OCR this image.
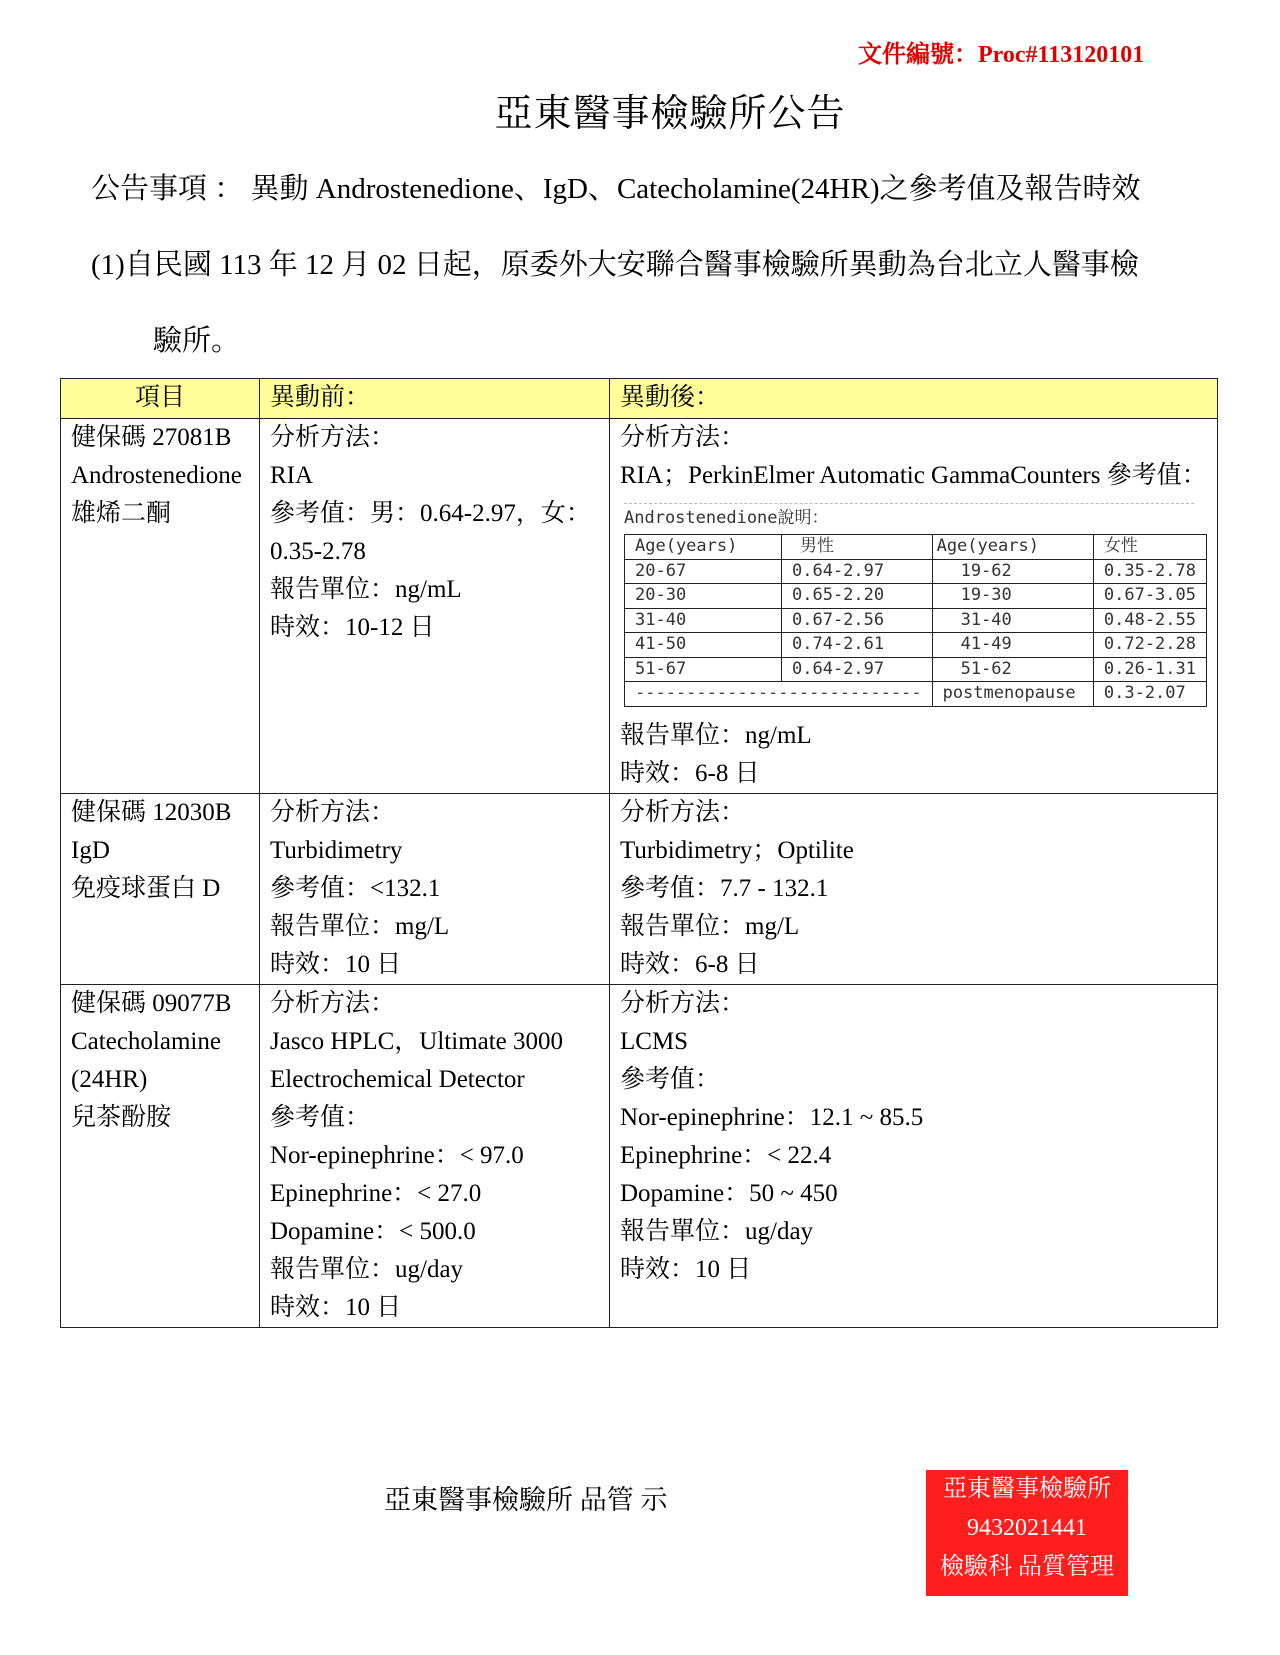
文件編號：Proc#113120101
亞東醫事檢驗所公告
公告事項 ： 異動 Androstenedione、IgD、Catecholamine(24HR)之參考值及報告時效
(1)自民國 113 年 12 月 02 日起，原委外大安聯合醫事檢驗所異動為台北立人醫事檢
驗所。
項目	異動前：	異動後：

健保碼 27081B
Androstenedione
雄烯二酮

分析方法：
RIA
參考值：男：0.64-2.97，女：
0.35-2.78
報告單位：ng/mL
時效：10-12 日

分析方法：
RIA；PerkinElmer Automatic GammaCounters 參考值：
Androstenedione說明：
Age(years)	男性	Age(years)	女性
20-67	0.64-2.97	19-62	0.35-2.78
20-30	0.65-2.20	19-30	0.67-3.05
31-40	0.67-2.56	31-40	0.48-2.55
41-50	0.74-2.61	41-49	0.72-2.28
51-67	0.64-2.97	51-62	0.26-1.31
----------------------------	postmenopause	0.3-2.07
報告單位：ng/mL
時效：6-8 日

健保碼 12030B
IgD
免疫球蛋白 D

分析方法：
Turbidimetry
參考值：<132.1
報告單位：mg/L
時效：10 日

分析方法：
Turbidimetry；Optilite
參考值：7.7 - 132.1
報告單位：mg/L
時效：6-8 日

健保碼 09077B
Catecholamine
(24HR)
兒茶酚胺

分析方法：
Jasco HPLC，Ultimate 3000
Electrochemical Detector
參考值：
Nor-epinephrine：< 97.0
Epinephrine：< 27.0
Dopamine：< 500.0
報告單位：ug/day
時效：10 日

分析方法：
LCMS
參考值：
Nor-epinephrine：12.1 ~ 85.5
Epinephrine：< 22.4
Dopamine：50 ~ 450
報告單位：ug/day
時效：10 日
亞東醫事檢驗所 品管 示	亞東醫事檢驗所
9432021441
檢驗科 品質管理
